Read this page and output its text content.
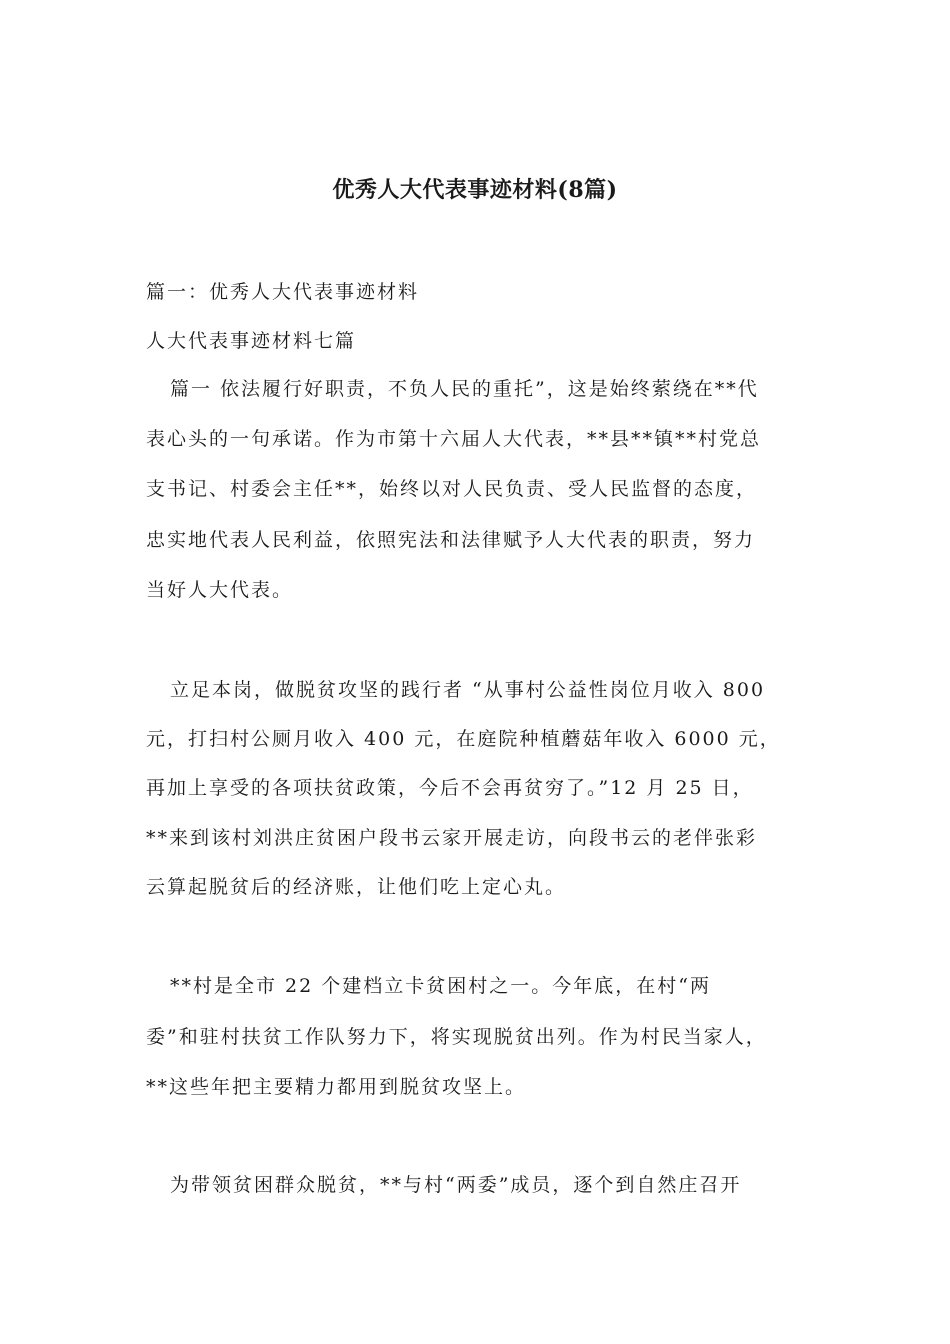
优秀人大代表事迹材料(8篇)
篇一：优秀人大代表事迹材料
人大代表事迹材料七篇
篇一 依法履行好职责，不负人民的重托”，这是始终萦绕在**代
表心头的一句承诺。作为市第十六届人大代表，**县**镇**村党总
支书记、村委会主任**，始终以对人民负责、受人民监督的态度，
忠实地代表人民利益，依照宪法和法律赋予人大代表的职责，努力
当好人大代表。
立足本岗，做脱贫攻坚的践行者 “从事村公益性岗位月收入 800
元，打扫村公厕月收入 400 元，在庭院种植蘑菇年收入 6000 元，
再加上享受的各项扶贫政策，今后不会再贫穷了。”12 月 25 日，
**来到该村刘洪庄贫困户段书云家开展走访，向段书云的老伴张彩
云算起脱贫后的经济账，让他们吃上定心丸。
**村是全市 22 个建档立卡贫困村之一。今年底，在村“两
委”和驻村扶贫工作队努力下，将实现脱贫出列。作为村民当家人，
**这些年把主要精力都用到脱贫攻坚上。
为带领贫困群众脱贫，**与村“两委”成员，逐个到自然庄召开
